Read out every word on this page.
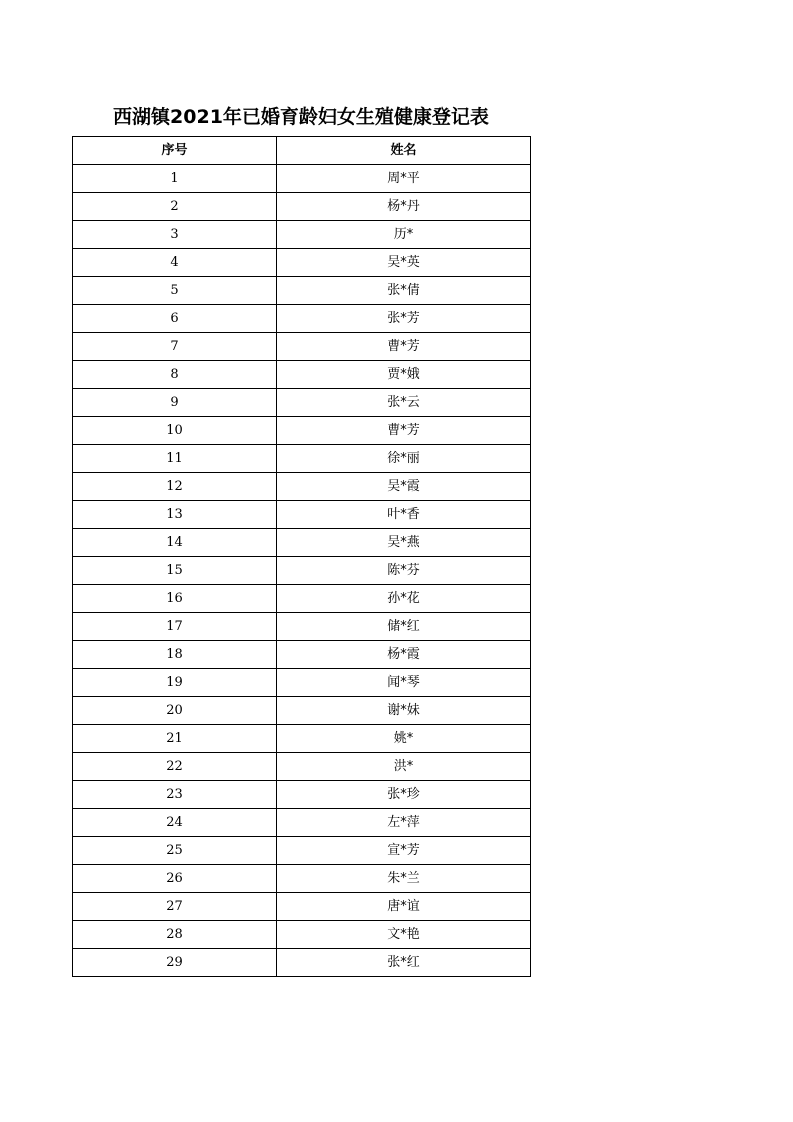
西湖镇2021年已婚育龄妇女生殖健康登记表
序号	姓名
1	周*平
2	杨*丹
3	历*
4	吴*英
5	张*倩
6	张*芳
7	曹*芳
8	贾*娥
9	张*云
10	曹*芳
11	徐*丽
12	吴*霞
13	叶*香
14	吴*燕
15	陈*芬
16	孙*花
17	储*红
18	杨*霞
19	闻*琴
20	谢*妹
21	姚*
22	洪*
23	张*珍
24	左*萍
25	宣*芳
26	朱*兰
27	唐*谊
28	文*艳
29	张*红
